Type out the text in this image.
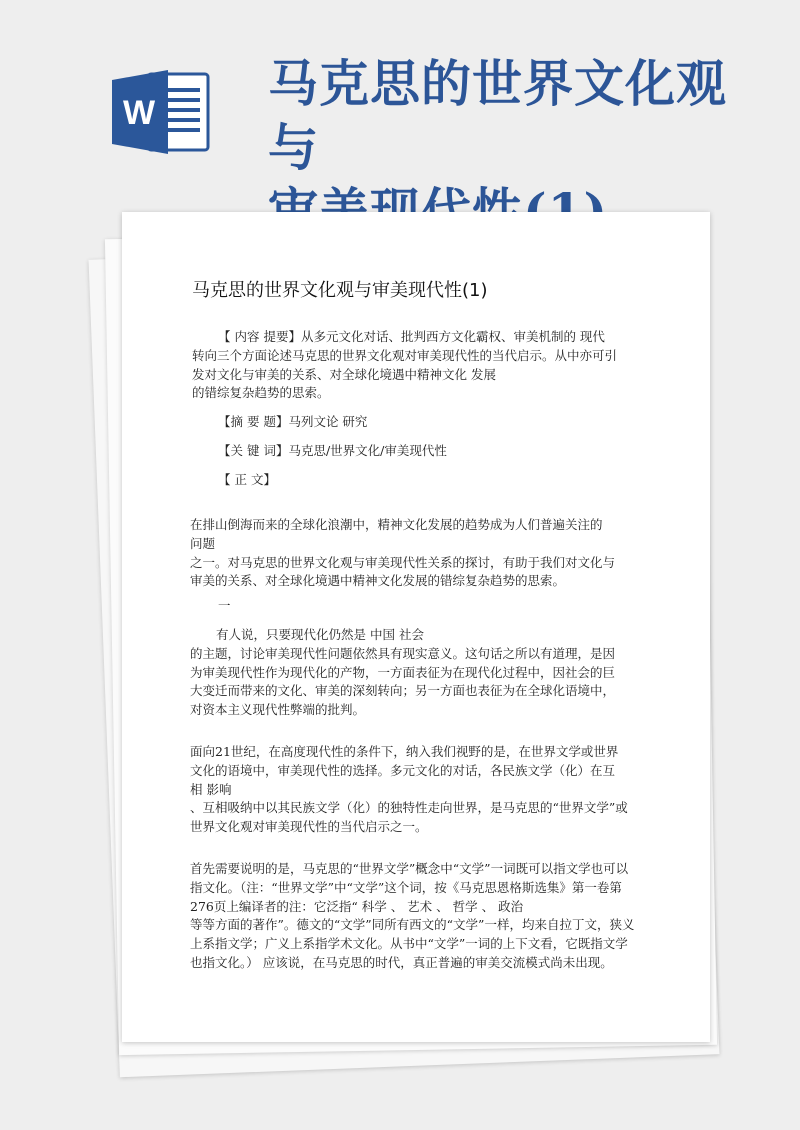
W 马克思的世界文化观与
马克思的世界文化观与审美现代性(1)

【 内容 提要】从多元文化对话、批判西方文化霸权、审美机制的 现代
转向三个方面论述马克思的世界文化观对审美现代性的当代启示。从中亦可引
发对文化与审美的关系、对全球化境遇中精神文化 发展
的错综复杂趋势的思索。

【摘 要 题】马列文论 研究

【关 键 词】马克思/世界文化/审美现代性

【 正 文】

在排山倒海而来的全球化浪潮中，精神文化发展的趋势成为人们普遍关注的
问题
之一。对马克思的世界文化观与审美现代性关系的探讨，有助于我们对文化与
审美的关系、对全球化境遇中精神文化发展的错综复杂趋势的思索。

一

有人说，只要现代化仍然是 中国 社会
的主题，讨论审美现代性问题依然具有现实意义。这句话之所以有道理，是因
为审美现代性作为现代化的产物，一方面表征为在现代化过程中，因社会的巨
大变迁而带来的文化、审美的深刻转向；另一方面也表征为在全球化语境中，
对资本主义现代性弊端的批判。

面向21世纪，在高度现代性的条件下，纳入我们视野的是，在世界文学或世界
文化的语境中，审美现代性的选择。多元文化的对话，各民族文学（化）在互
相 影响
、互相吸纳中以其民族文学（化）的独特性走向世界，是马克思的“世界文学”或
世界文化观对审美现代性的当代启示之一。

首先需要说明的是，马克思的“世界文学”概念中“文学”一词既可以指文学也可以
指文化。（注：“世界文学”中“文学”这个词，按《马克思恩格斯选集》第一卷第
276页上编译者的注：它泛指“ 科学 、 艺术 、 哲学 、 政治
等等方面的著作”。德文的“文学”同所有西文的“文学”一样，均来自拉丁文，狭义
上系指文学；广义上系指学术文化。从书中“文学”一词的上下文看，它既指文学
也指文化。） 应该说，在马克思的时代，真正普遍的审美交流模式尚未出现。
